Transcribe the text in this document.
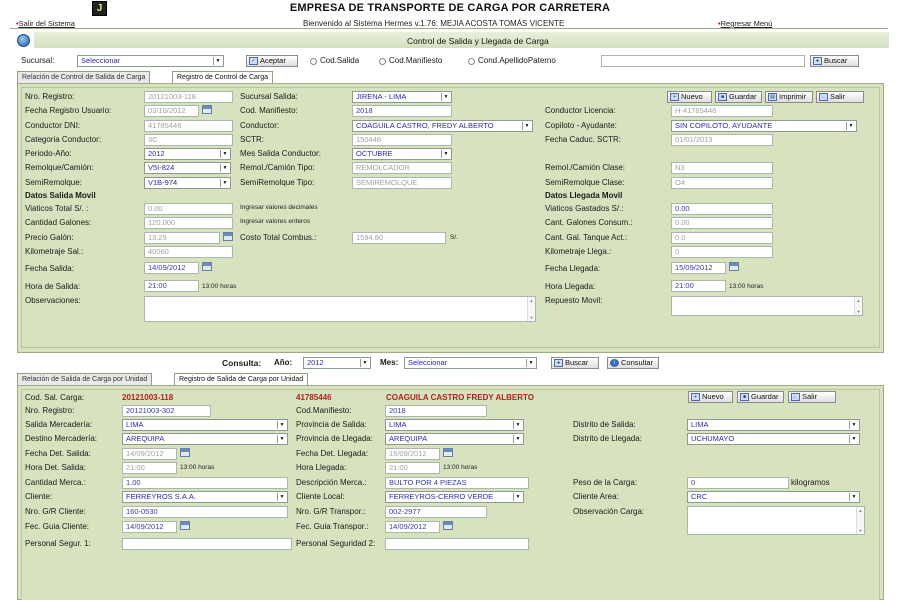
J	EMPRESA DE TRANSPORTE DE CARGA POR CARRETERA
•Salir del Sistema	Bienvenido al Sistema Hermes v.1.76: MEJIA ACOSTA TOMÁS VICENTE	•Regresar Menú
Control de Salida y Llegada de Carga
Sucursal:	Seleccionar	▼	✓ Aceptar	Cod.Salida	Cod.Manifiesto	Cond.ApellidoPaterno	● Buscar
Relación de Control de Salida de Carga	Registro de Control de Carga
+ Nuevo	■ Guardar	▤ Imprimir	← Salir
Nro. Registro:	20121003-118
Fecha Registro Usuario:	03/10/2012
Conductor DNI:	41785446
Categoria Conductor:	3C
Periodo-Año:	2012	▼
Remolque/Camión:	V5I-824	▼
SemiRemolque:	V1B-974	▼
Sucursal Salida:	JIRENA - LIMA	▼
Cod. Manifiesto:	2018
Conductor:	COAGUILA CASTRO, FREDY ALBERTO	▼
SCTR:	150448
Mes Salida Conductor:	OCTUBRE	▼
Remol./Camión Tipo:	REMOLCADOR
SemiRemolque Tipo:	SEMIREMOLQUE
Conductor Licencia:	H-41785446
Copiloto - Ayudante:	SIN COPILOTO, AYUDANTE	▼
Fecha Caduc. SCTR:	01/01/2013
Remol./Camión Clase:	N3
SemiRemolque Clase:	O4
Datos Salida Movil	Datos Llegada Movil
Viaticos Total S/. :	0.00	Ingresar valores decimales
Cantidad Galones:	120.000	Ingresar valores enteros
Precio Galón:	13.29	Costo Total Combus.:	1594.80	S/.
Kilometraje Sal.:	40060
Fecha Salida:	14/09/2012
Hora de Salida:	21:00	13:00 horas
Observaciones:	▲
▼
Viaticos Gastados S/.:	0.00
Cant. Galones Consum.:	0.00
Cant. Gal. Tanque Act.:	0.0
Kilometraje Llega.:	0
Fecha Llegada:	15/09/2012
Hora Llegada:	21:00	13:00 horas
Repuesto Movil:	▲
▼
Consulta: Año:	2012	▼ Mes:	Seleccionar	▼	● Buscar	i Consultar
Relación de Salida de Carga por Unidad	Registro de Salida de Carga por Unidad
+ Nuevo	■ Guardar	← Salir
Cod. Sal. Carga:	20121003-118	41785446	COAGUILA CASTRO FREDY ALBERTO
Nro. Registro:	20121003-302
Salida Mercadería:	LIMA	▼
Destino Mercadería:	AREQUIPA	▼
Fecha Det. Salida:	14/09/2012
Hora Det. Salida:	21:00	13:00 horas
Cantidad Merca.:	1.00
Cliente:	FERREYROS S.A.A.	▼
Nro. G/R Cliente:	160-0530
Fec. Guia Cliente:	14/09/2012
Personal Segur. 1:
Cod.Manifiesto:	2018
Provincia de Salida:	LIMA	▼
Provincia de Llegada:	AREQUIPA	▼
Fecha Det. Llegada:	15/09/2012
Hora Llegada:	21:00	13:00 horas
Descripción Merca.:	BULTO POR 4 PIEZAS
Cliente Local:	FERREYROS-CERRO VERDE	▼
Nro. G/R Transpor.:	002-2977
Fec. Guia Transpor.:	14/09/2012
Personal Seguridad 2:
Distrito de Salida:	LIMA	▼
Distrito de Llegada:	UCHUMAYO	▼
Peso de la Carga:	0	kilogramos
Cliente Area:	CRC	▼
Observación Carga:	▲
▼
